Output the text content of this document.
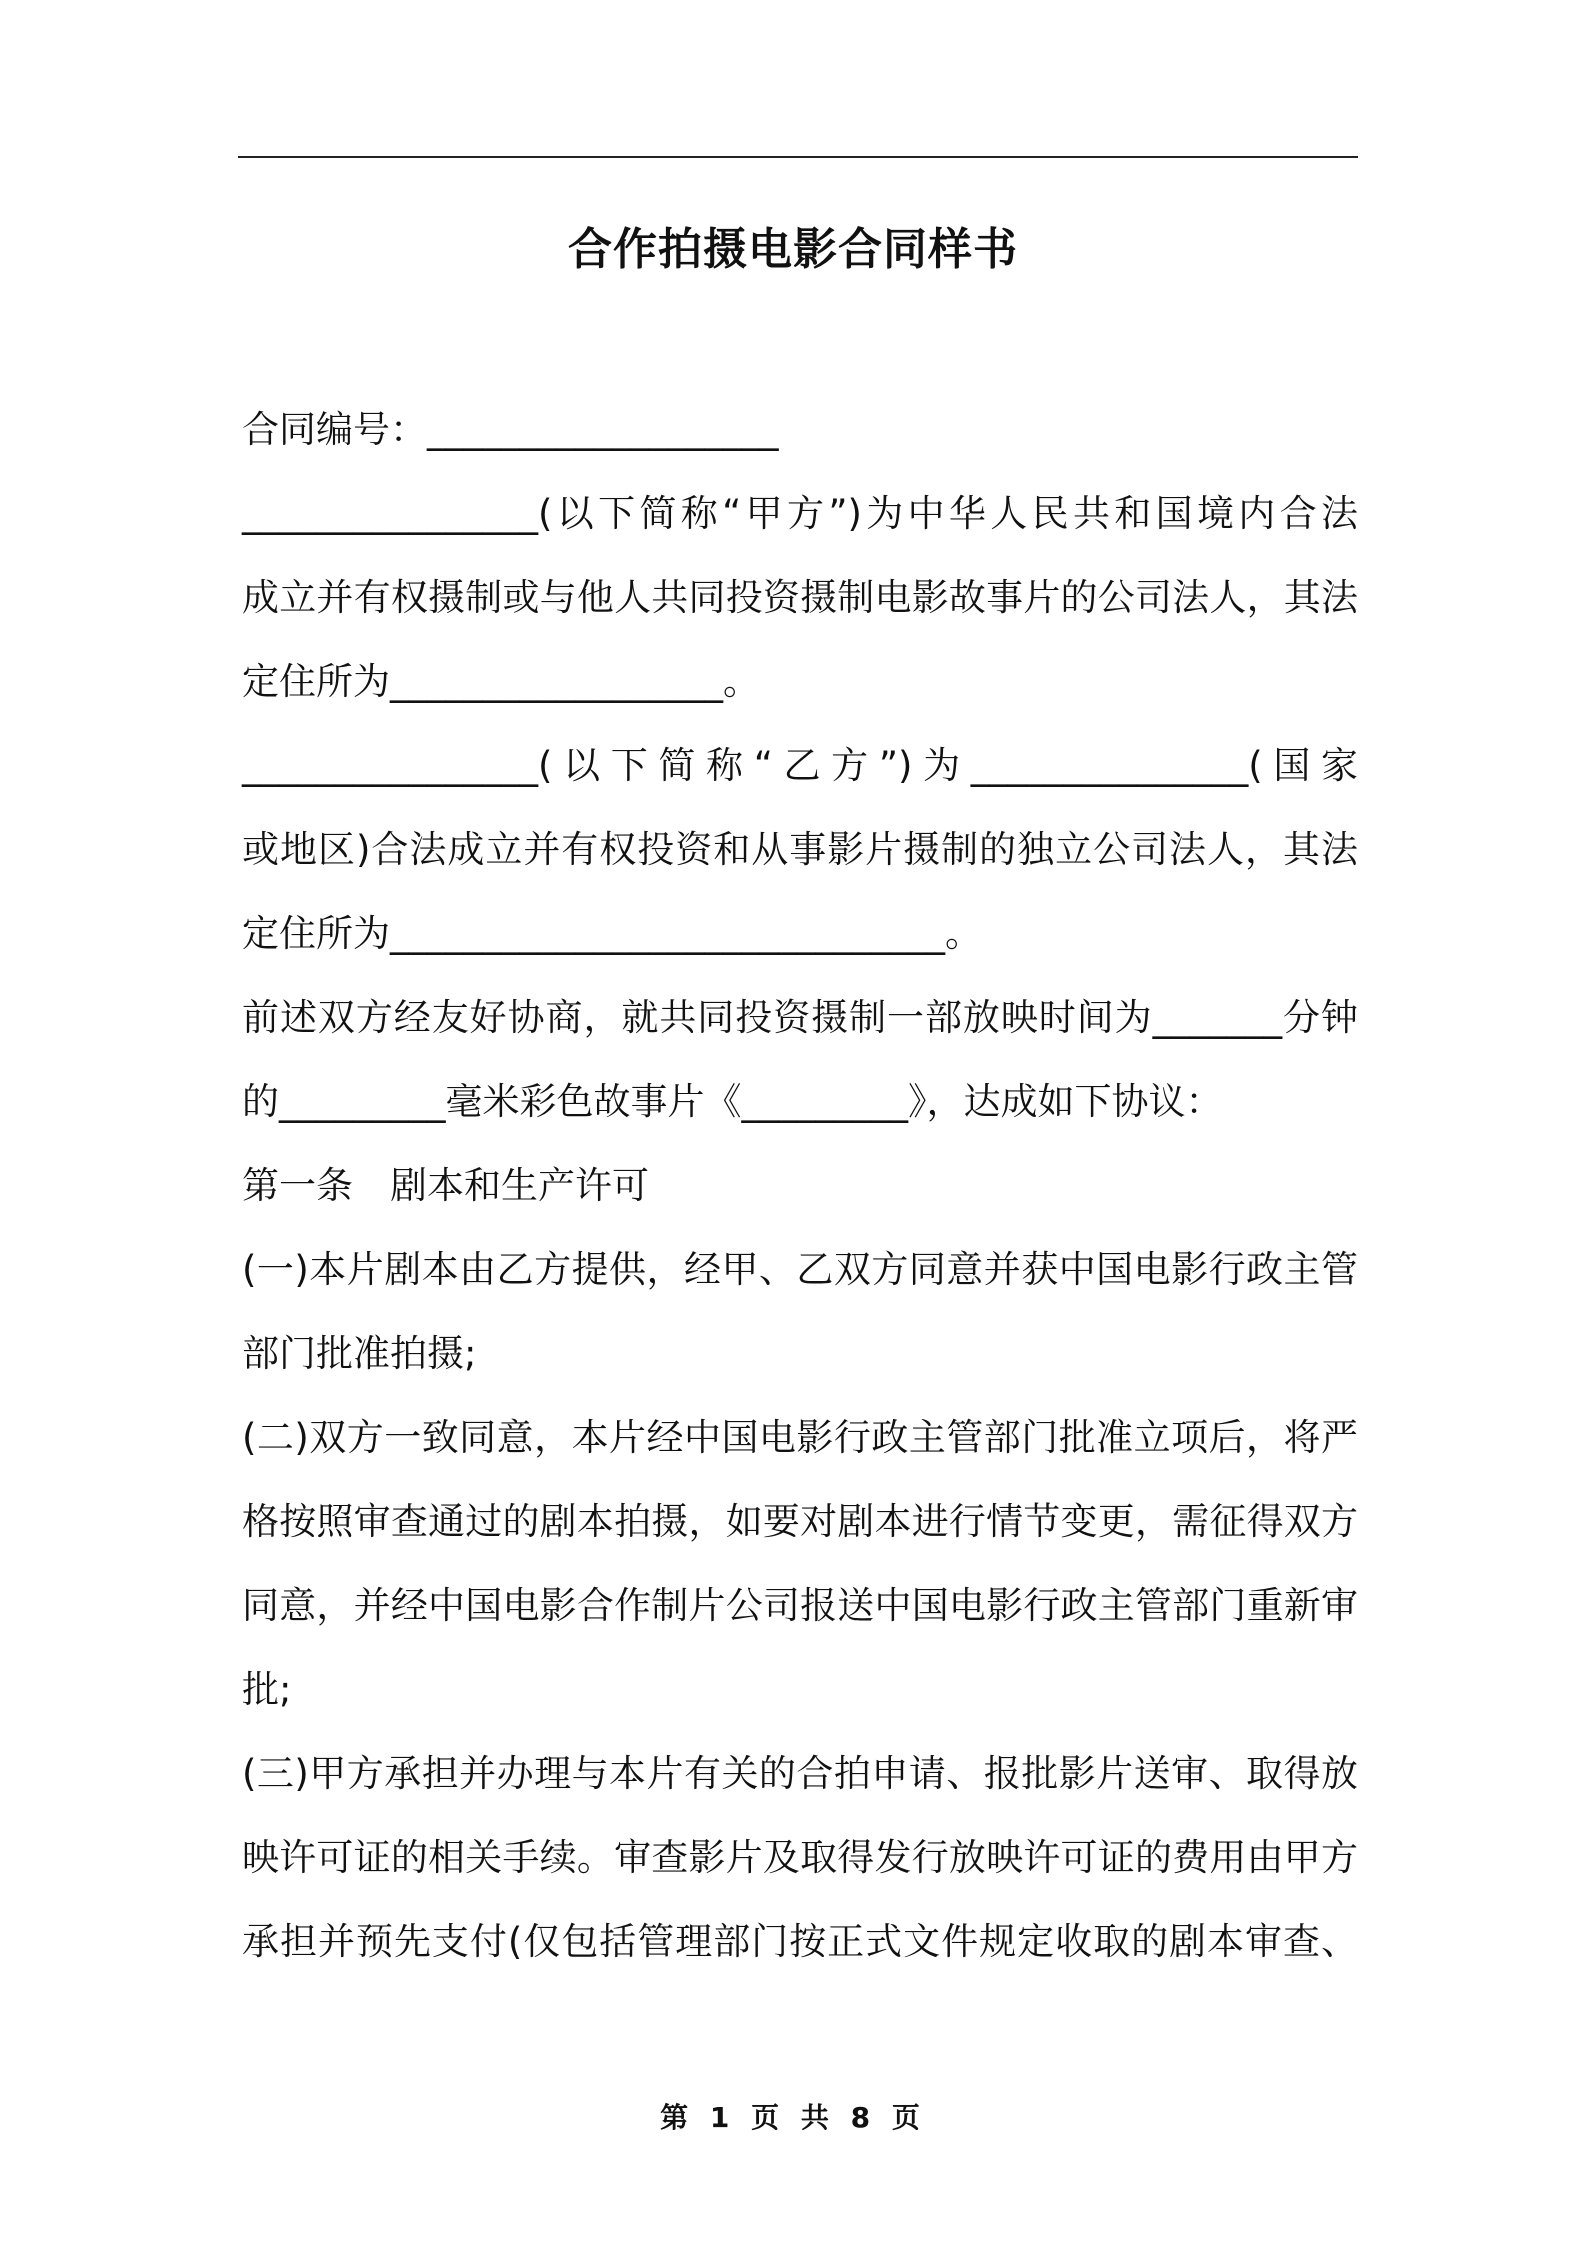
合作拍摄电影合同样书
合同编号：___________________
________________(以下简称“甲方”)为中华人民共和国境内合法
成立并有权摄制或与他人共同投资摄制电影故事片的公司法人，其法
定住所为__________________。
________________(以下简称“乙方”)为_______________(国家
或地区)合法成立并有权投资和从事影片摄制的独立公司法人，其法
定住所为______________________________。
前述双方经友好协商，就共同投资摄制一部放映时间为_______分钟
的_________毫米彩色故事片《_________》，达成如下协议：
第一条　剧本和生产许可
(一)本片剧本由乙方提供，经甲、乙双方同意并获中国电影行政主管
部门批准拍摄;
(二)双方一致同意，本片经中国电影行政主管部门批准立项后，将严
格按照审查通过的剧本拍摄，如要对剧本进行情节变更，需征得双方
同意，并经中国电影合作制片公司报送中国电影行政主管部门重新审
批;
(三)甲方承担并办理与本片有关的合拍申请、报批影片送审、取得放
映许可证的相关手续。审查影片及取得发行放映许可证的费用由甲方
承担并预先支付(仅包括管理部门按正式文件规定收取的剧本审查、
第 1 页 共 8 页
